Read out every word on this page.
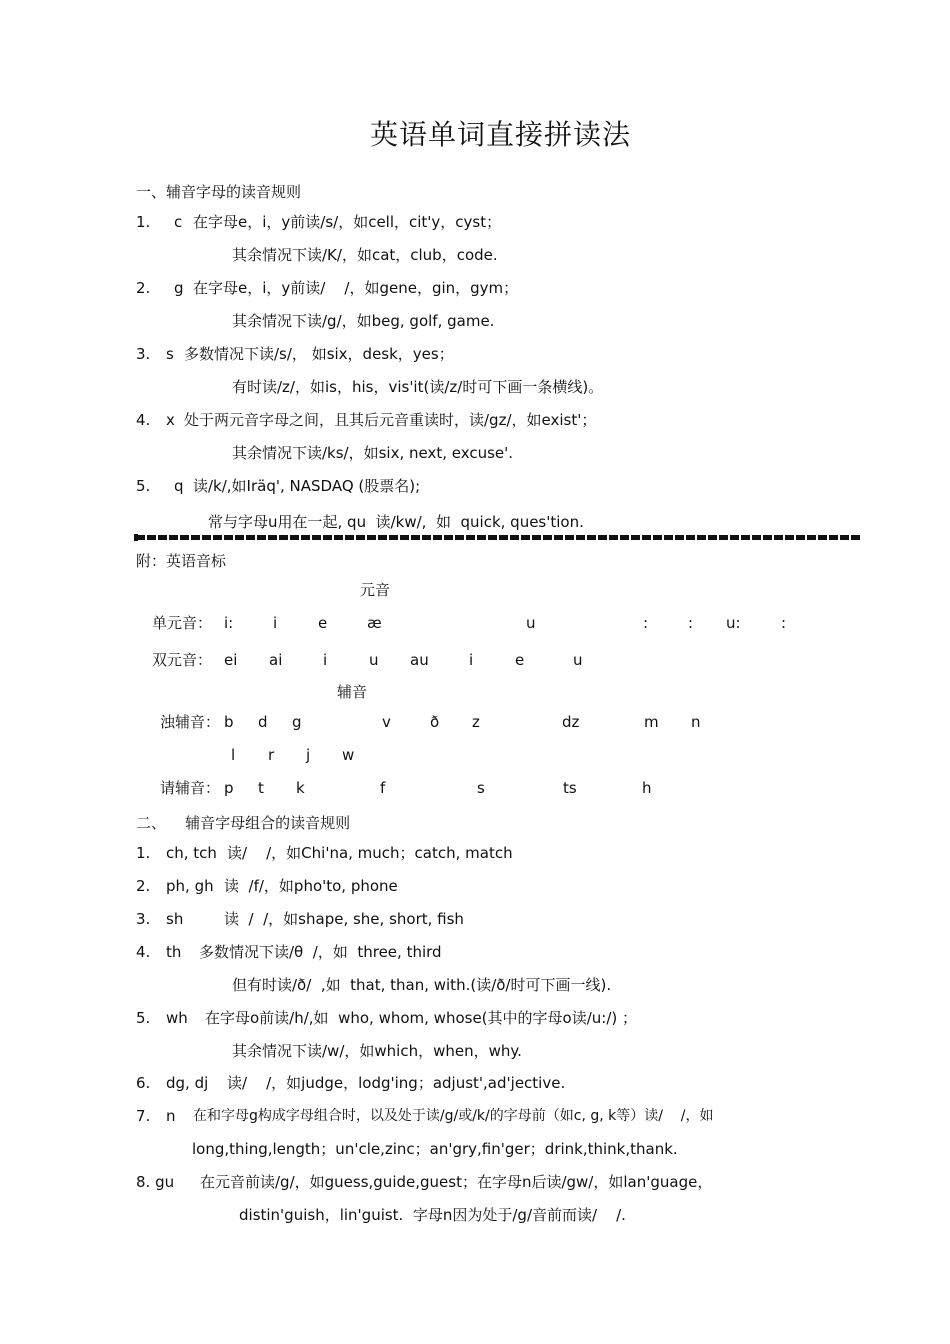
英语单词直接拼读法
一、辅音字母的读音规则
1. c 在字母e，i，y前读/s/，如cell，cit'y，cyst；
其余情况下读/K/，如cat，club，code.
2. g 在字母e，i，y前读/    /，如gene，gin，gym；
其余情况下读/g/，如beg, golf, game.
3. s 多数情况下读/s/， 如six，desk，yes；
有时读/z/，如is，his，vis'it(读/z/时可下画一条横线)。
4. x 处于两元音字母之间，且其后元音重读时，读/gz/，如exist'；
其余情况下读/ks/，如six, next, excuse'.
5. q 读/k/,如Iräq', NASDAQ (股票名);
常与字母u用在一起, qu  读/kw/,  如  quick, ques'tion.
附：英语音标
元音
单元音： i:	i	e	æ	u	:	: u:	:
双元音： ei ai	i	u au	i	e	u
辅音
浊辅音： b d g	v	ð z	dz	m n
l r j w
请辅音： p t k	f	s	ts	h
二、    辅音字母组合的读音规则
1. ch, tch 读/    /，如Chi'na, much；catch, match
2. ph, gh 读  /f/，如pho'to, phone
3. sh	读  /  /，如shape, she, short, fish
4. th 多数情况下读/θ  /，如  three, third
但有时读/ð/  ,如  that, than, with.(读/ð/时可下画一线).
5. wh 在字母o前读/h/,如  who, whom, whose(其中的字母o读/u:/) ；
其余情况下读/w/，如which，when，why.
6. dg, dj 读/    /，如judge，lodg'ing；adjust',ad'jective.
7. n 在和字母g构成字母组合时，以及处于读/g/或/k/的字母前（如c, g, k等）读/    /，如
long,thing,length；un'cle,zinc；an'gry,fin'ger；drink,think,thank.
8. gu 在元音前读/g/，如guess,guide,guest；在字母n后读/gw/，如lan'guage，
distin'guish，lin'guist.  字母n因为处于/g/音前而读/    /.
